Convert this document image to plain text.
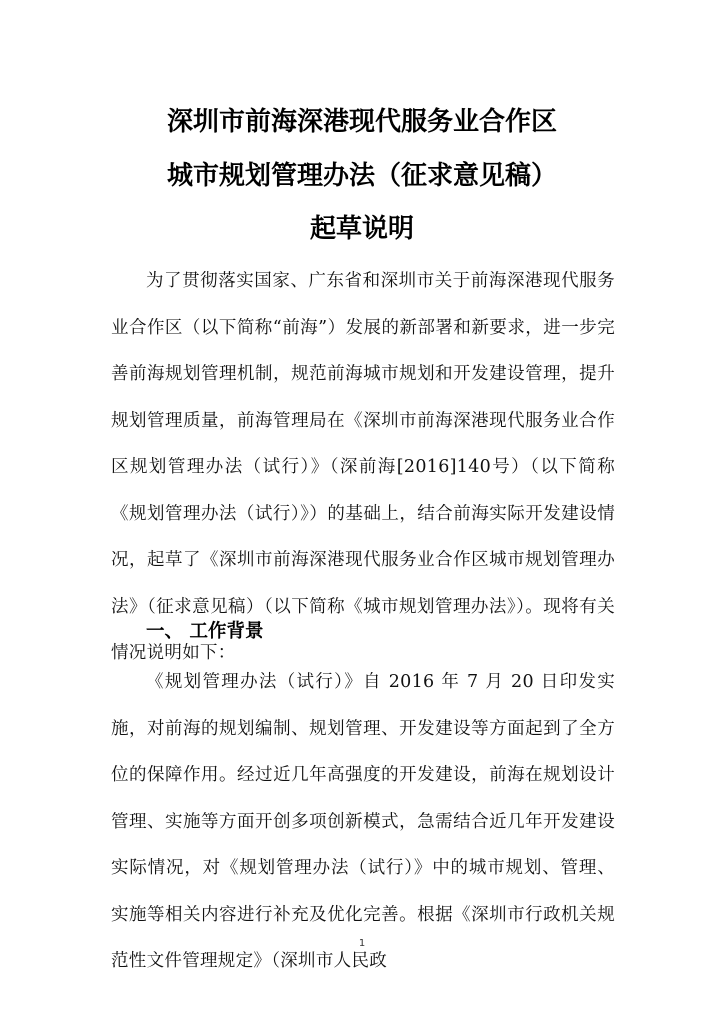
深圳市前海深港现代服务业合作区
城市规划管理办法（征求意见稿）
起草说明

为了贯彻落实国家、广东省和深圳市关于前海深港现代服务业合作区（以下简称“前海”）发展的新部署和新要求，进一步完善前海规划管理机制，规范前海城市规划和开发建设管理，提升规划管理质量，前海管理局在《深圳市前海深港现代服务业合作区规划管理办法（试行）》（深前海[2016]140号）（以下简称《规划管理办法（试行）》）的基础上，结合前海实际开发建设情况，起草了《深圳市前海深港现代服务业合作区城市规划管理办法》（征求意见稿）（以下简称《城市规划管理办法》）。现将有关情况说明如下：

一、 工作背景

《规划管理办法（试行）》自 2016 年 7 月 20 日印发实施，对前海的规划编制、规划管理、开发建设等方面起到了全方位的保障作用。经过近几年高强度的开发建设，前海在规划设计管理、实施等方面开创多项创新模式，急需结合近几年开发建设实际情况，对《规划管理办法（试行）》中的城市规划、管理、实施等相关内容进行补充及优化完善。根据《深圳市行政机关规范性文件管理规定》（深圳市人民政

1
